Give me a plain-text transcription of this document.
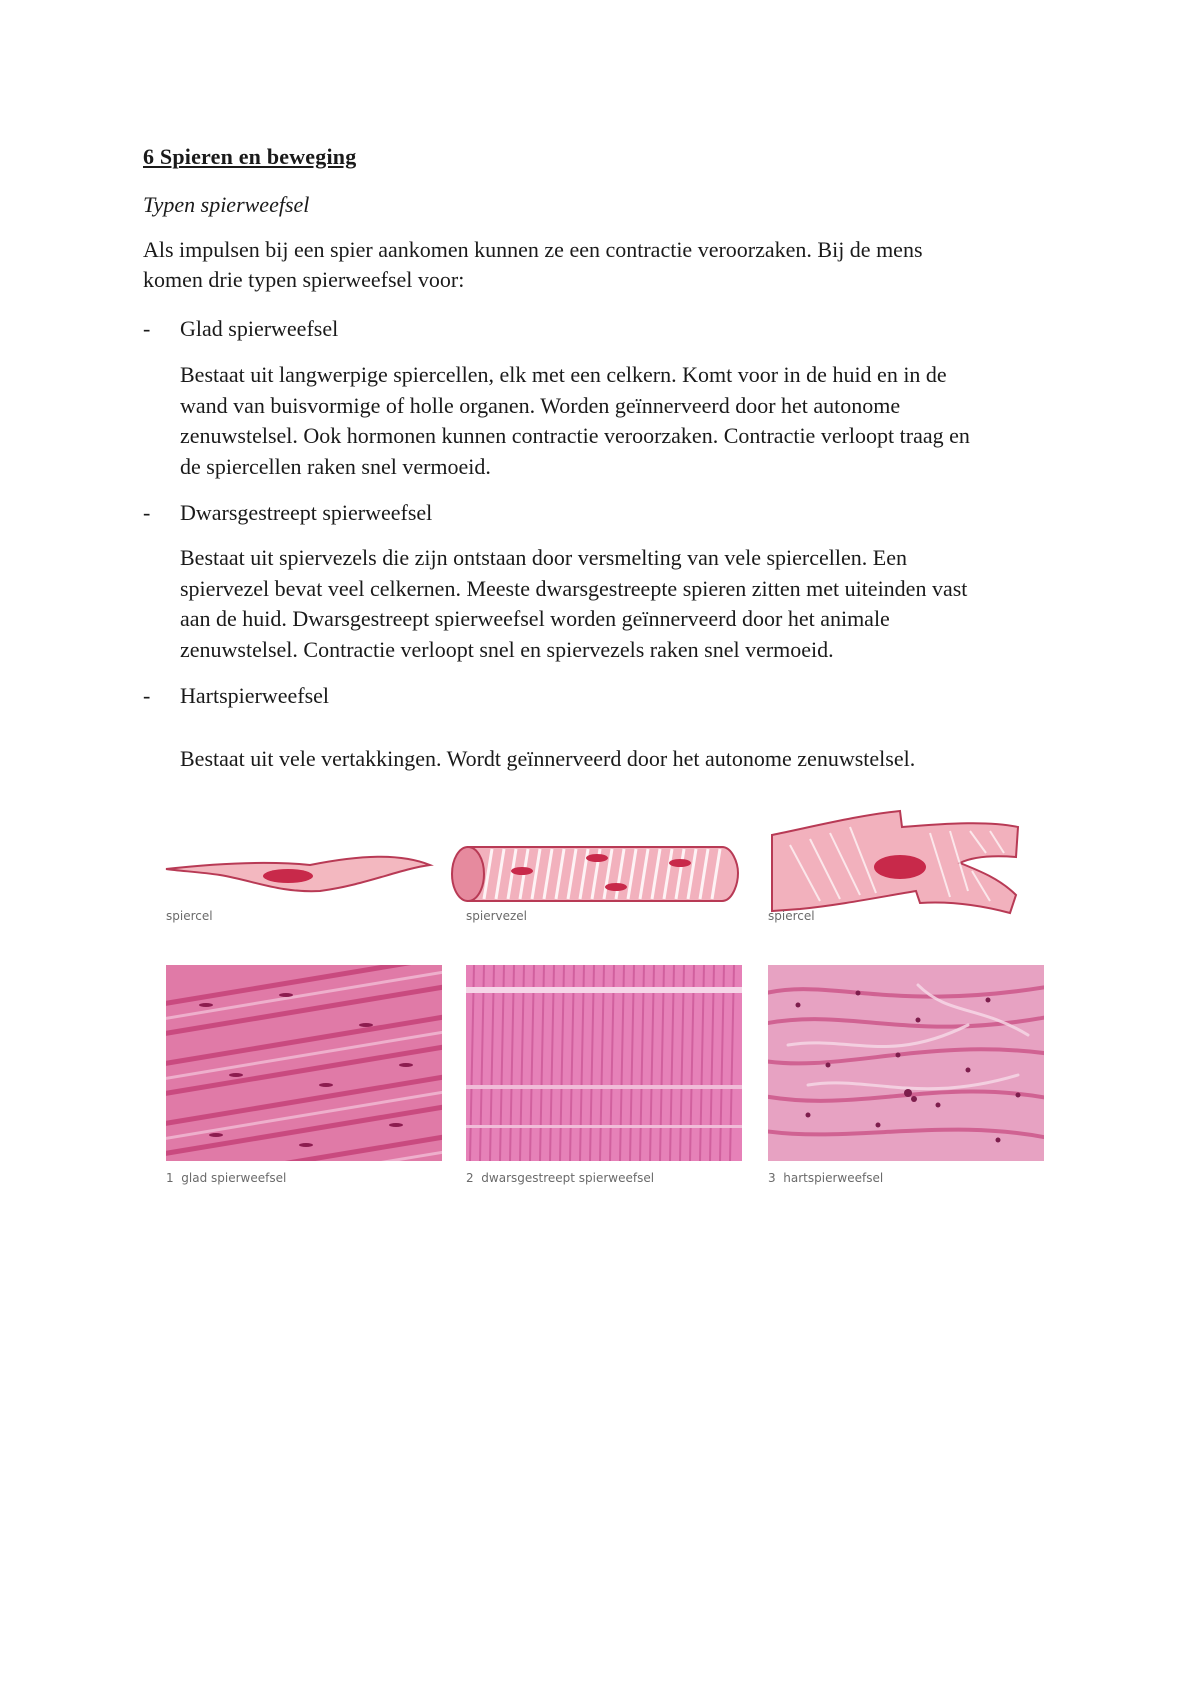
6 Spieren en beweging
Typen spierweefsel
Als impulsen bij een spier aankomen kunnen ze een contractie veroorzaken. Bij de mens
komen drie typen spierweefsel voor:
- Glad spierweefsel
Bestaat uit langwerpige spiercellen, elk met een celkern. Komt voor in de huid en in de
wand van buisvormige of holle organen. Worden geïnnerveerd door het autonome
zenuwstelsel. Ook hormonen kunnen contractie veroorzaken. Contractie verloopt traag en
de spiercellen raken snel vermoeid.
- Dwarsgestreept spierweefsel
Bestaat uit spiervezels die zijn ontstaan door versmelting van vele spiercellen. Een
spiervezel bevat veel celkernen. Meeste dwarsgestreepte spieren zitten met uiteinden vast
aan de huid. Dwarsgestreept spierweefsel worden geïnnerveerd door het animale
zenuwstelsel. Contractie verloopt snel en spiervezels raken snel vermoeid.
- Hartspierweefsel
Bestaat uit vele vertakkingen. Wordt geïnnerveerd door het autonome zenuwstelsel.
spiercel	spiervezel	spiercel
1 glad spierweefsel	2 dwarsgestreept spierweefsel	3 hartspierweefsel
